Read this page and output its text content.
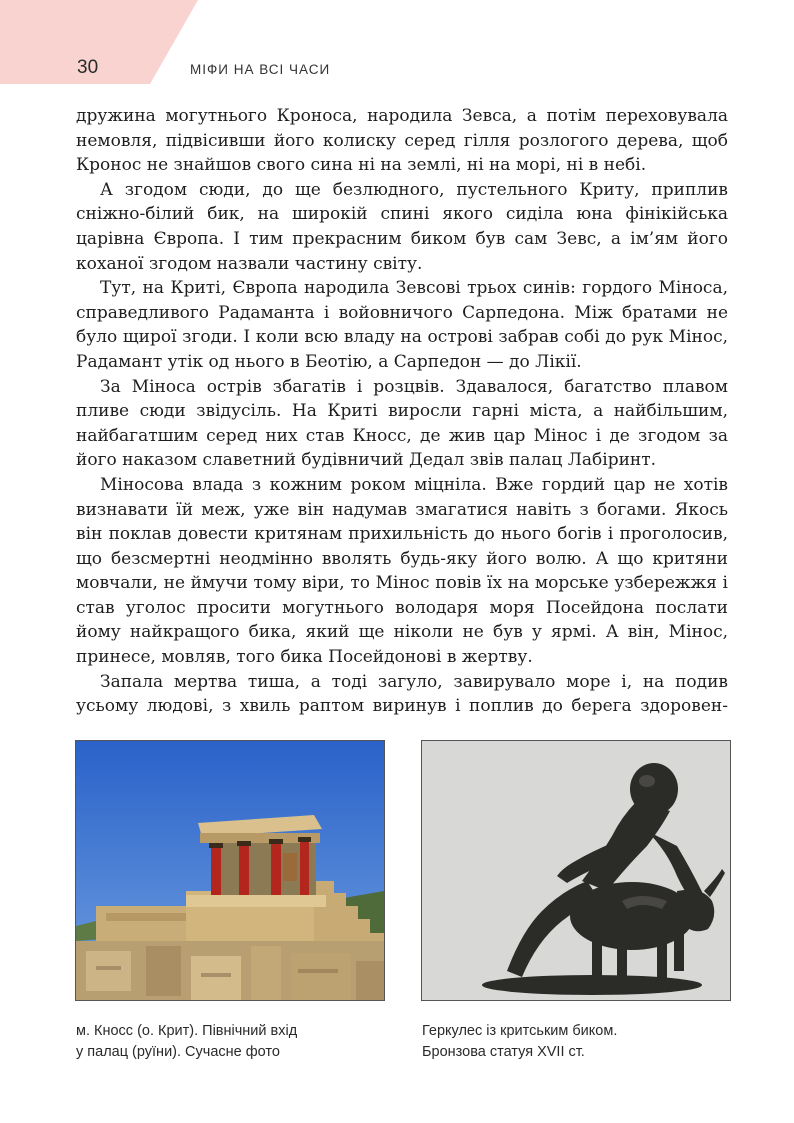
30	МІФИ НА ВСІ ЧАСИ

дружина могутнього Кроноса, народила Зевса, а потім переховувала немовля, підвісивши його колиску серед гілля розлогого дерева, щоб Кронос не знайшов свого сина ні на землі, ні на морі, ні в небі.

А згодом сюди, до ще безлюдного, пустельного Криту, приплив сніжно-білий бик, на широкій спині якого сиділа юна фінікійська царівна Європа. І тим прекрасним биком був сам Зевс, а ім’ям його коханої згодом назвали частину світу.

Тут, на Криті, Європа народила Зевсові трьох синів: гордого Міноса, справедливого Радаманта і войовничого Сарпедона. Між братами не було щирої згоди. І коли всю владу на острові забрав собі до рук Мінос, Радамант утік од нього в Беотію, а Сарпедон — до Лікії.

За Міноса острів збагатів і розцвів. Здавалося, багатство плавом пливе сюди звідусіль. На Криті виросли гарні міста, а найбільшим, найбагатшим серед них став Кносс, де жив цар Мінос і де згодом за його наказом славетний будівничий Дедал звів палац Лабіринт.

Міносова влада з кожним роком міцніла. Вже гордий цар не хотів визнавати їй меж, уже він надумав змагатися навіть з богами. Якось він поклав довести критянам прихильність до нього богів і проголосив, що безсмертні неодмінно вволять будь-яку його волю. А що критяни мовчали, не ймучи тому віри, то Мінос повів їх на морське узбережжя і став уголос просити могутнього володаря моря Посейдона послати йому найкращого бика, який ще ніколи не був у ярмі. А він, Мінос, принесе, мовляв, того бика Посейдонові в жертву.

Запала мертва тиша, а тоді загуло, завирувало море і, на подив усьому людові, з хвиль раптом виринув і поплив до берега здоровен-

м. Кносс (о. Крит). Північний вхід
у палац (руїни). Сучасне фото
Геркулес із критським биком.
Бронзова статуя XVII ст.
